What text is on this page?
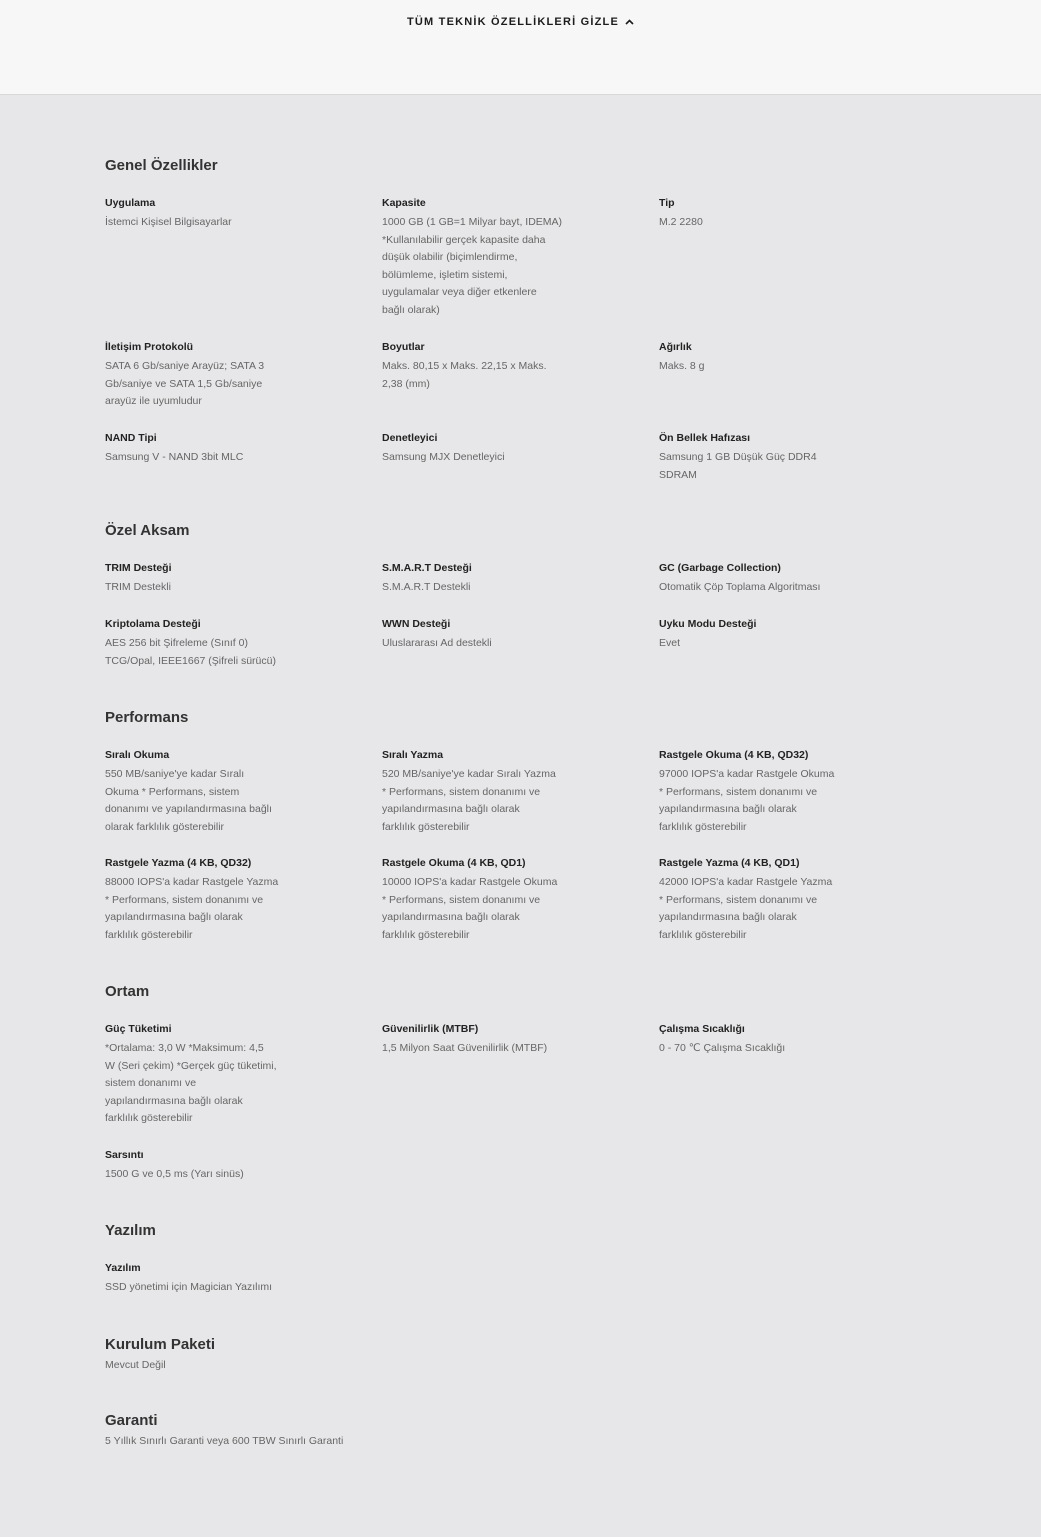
TÜM TEKNİK ÖZELLİKLERİ GİZLE
Genel Özellikler
Uygulama
İstemci Kişisel Bilgisayarlar
Kapasite
1000 GB (1 GB=1 Milyar bayt, IDEMA)
*Kullanılabilir gerçek kapasite daha
düşük olabilir (biçimlendirme,
bölümleme, işletim sistemi,
uygulamalar veya diğer etkenlere
bağlı olarak)
Tip
M.2 2280
İletişim Protokolü
SATA 6 Gb/saniye Arayüz; SATA 3
Gb/saniye ve SATA 1,5 Gb/saniye
arayüz ile uyumludur
Boyutlar
Maks. 80,15 x Maks. 22,15 x Maks.
2,38 (mm)
Ağırlık
Maks. 8 g
NAND Tipi
Samsung V - NAND 3bit MLC
Denetleyici
Samsung MJX Denetleyici
Ön Bellek Hafızası
Samsung 1 GB Düşük Güç DDR4
SDRAM
Özel Aksam
TRIM Desteği
TRIM Destekli
S.M.A.R.T Desteği
S.M.A.R.T Destekli
GC (Garbage Collection)
Otomatik Çöp Toplama Algoritması
Kriptolama Desteği
AES 256 bit Şifreleme (Sınıf 0)
TCG/Opal, IEEE1667 (Şifreli sürücü)
WWN Desteği
Uluslararası Ad destekli
Uyku Modu Desteği
Evet
Performans
Sıralı Okuma
550 MB/saniye'ye kadar Sıralı
Okuma * Performans, sistem
donanımı ve yapılandırmasına bağlı
olarak farklılık gösterebilir
Sıralı Yazma
520 MB/saniye'ye kadar Sıralı Yazma
* Performans, sistem donanımı ve
yapılandırmasına bağlı olarak
farklılık gösterebilir
Rastgele Okuma (4 KB, QD32)
97000 IOPS'a kadar Rastgele Okuma
* Performans, sistem donanımı ve
yapılandırmasına bağlı olarak
farklılık gösterebilir
Rastgele Yazma (4 KB, QD32)
88000 IOPS'a kadar Rastgele Yazma
* Performans, sistem donanımı ve
yapılandırmasına bağlı olarak
farklılık gösterebilir
Rastgele Okuma (4 KB, QD1)
10000 IOPS'a kadar Rastgele Okuma
* Performans, sistem donanımı ve
yapılandırmasına bağlı olarak
farklılık gösterebilir
Rastgele Yazma (4 KB, QD1)
42000 IOPS'a kadar Rastgele Yazma
* Performans, sistem donanımı ve
yapılandırmasına bağlı olarak
farklılık gösterebilir
Ortam
Güç Tüketimi
*Ortalama: 3,0 W *Maksimum: 4,5
W (Seri çekim) *Gerçek güç tüketimi,
sistem donanımı ve
yapılandırmasına bağlı olarak
farklılık gösterebilir
Güvenilirlik (MTBF)
1,5 Milyon Saat Güvenilirlik (MTBF)
Çalışma Sıcaklığı
0 - 70 ℃ Çalışma Sıcaklığı
Sarsıntı
1500 G ve 0,5 ms (Yarı sinüs)
Yazılım
Yazılım
SSD yönetimi için Magician Yazılımı
Kurulum Paketi
Mevcut Değil
Garanti
5 Yıllık Sınırlı Garanti veya 600 TBW Sınırlı Garanti
